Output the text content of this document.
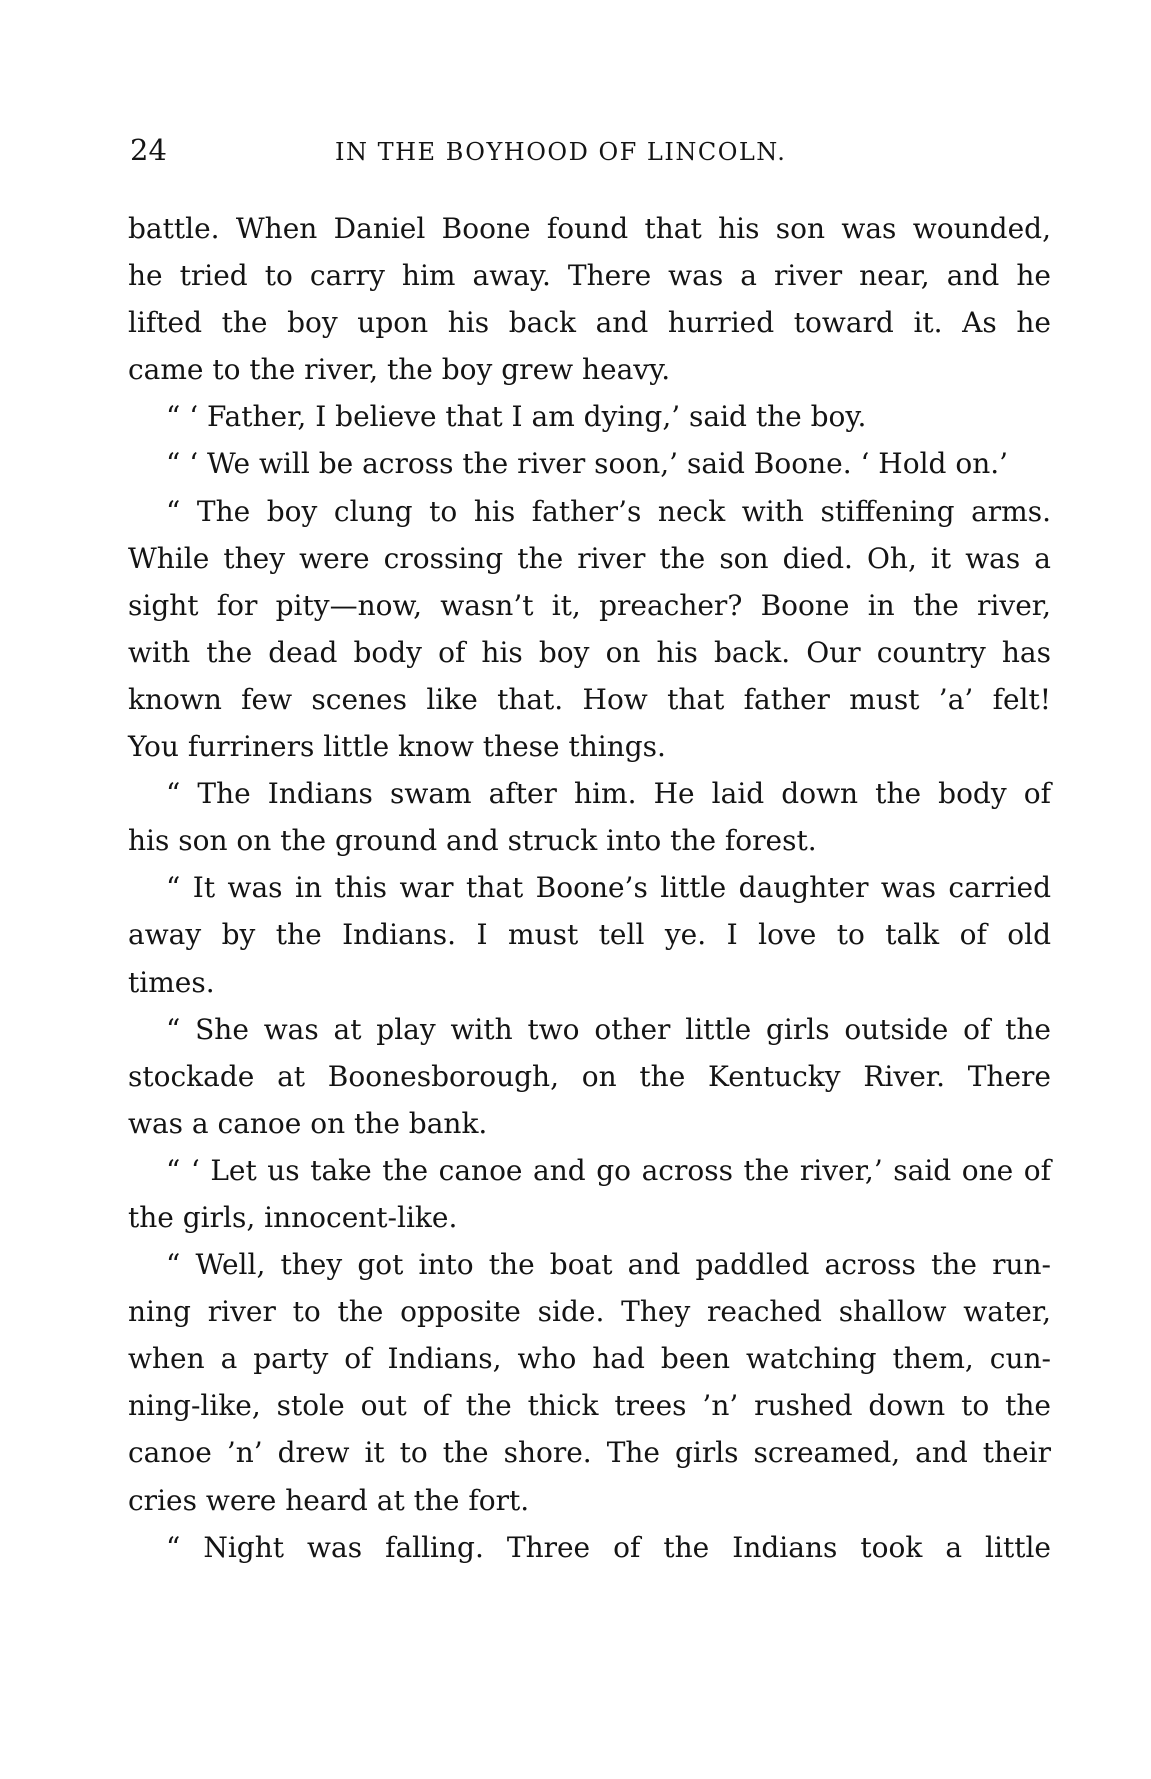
24	IN THE BOYHOOD OF LINCOLN.
battle. When Daniel Boone found that his son was wounded,
he tried to carry him away. There was a river near, and he
lifted the boy upon his back and hurried toward it. As he
came to the river, the boy grew heavy.
“ ‘ Father, I believe that I am dying,’ said the boy.
“ ‘ We will be across the river soon,’ said Boone. ‘ Hold on.’
“ The boy clung to his father’s neck with stiffening arms.
While they were crossing the river the son died. Oh, it was a
sight for pity—now, wasn’t it, preacher? Boone in the river,
with the dead body of his boy on his back. Our country has
known few scenes like that. How that father must ’a’ felt!
You furriners little know these things.
“ The Indians swam after him. He laid down the body of
his son on the ground and struck into the forest.
“ It was in this war that Boone’s little daughter was carried
away by the Indians. I must tell ye. I love to talk of old
times.
“ She was at play with two other little girls outside of the
stockade at Boonesborough, on the Kentucky River. There
was a canoe on the bank.
“ ‘ Let us take the canoe and go across the river,’ said one of
the girls, innocent-like.
“ Well, they got into the boat and paddled across the run-
ning river to the opposite side. They reached shallow water,
when a party of Indians, who had been watching them, cun-
ning-like, stole out of the thick trees ’n’ rushed down to the
canoe ’n’ drew it to the shore. The girls screamed, and their
cries were heard at the fort.
“ Night was falling. Three of the Indians took a little
